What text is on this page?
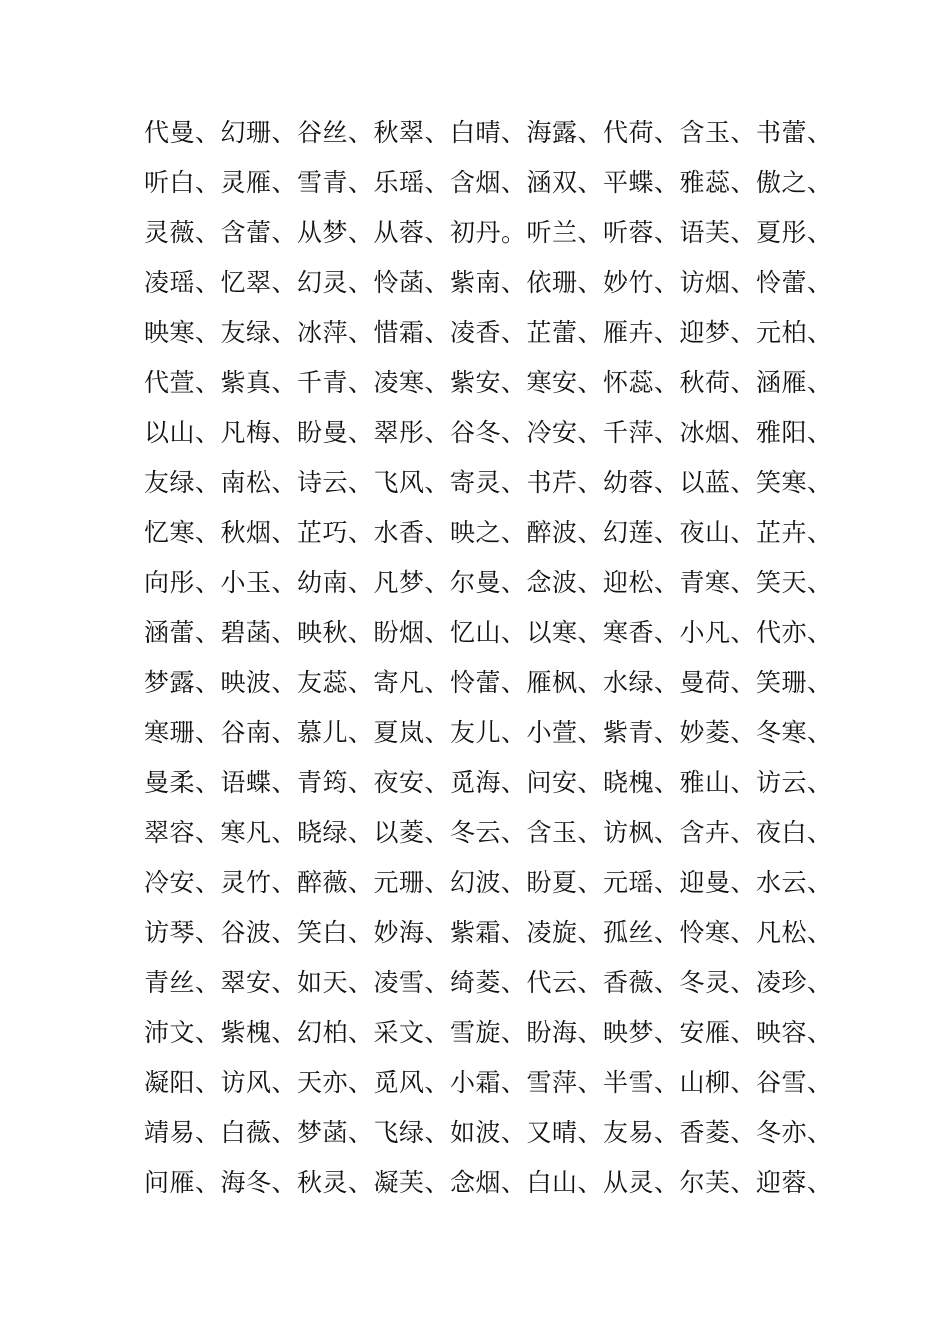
代曼、幻珊、谷丝、秋翠、白晴、海露、代荷、含玉、书蕾、
听白、灵雁、雪青、乐瑶、含烟、涵双、平蝶、雅蕊、傲之、
灵薇、含蕾、从梦、从蓉、初丹。听兰、听蓉、语芙、夏彤、
凌瑶、忆翠、幻灵、怜菡、紫南、依珊、妙竹、访烟、怜蕾、
映寒、友绿、冰萍、惜霜、凌香、芷蕾、雁卉、迎梦、元柏、
代萱、紫真、千青、凌寒、紫安、寒安、怀蕊、秋荷、涵雁、
以山、凡梅、盼曼、翠彤、谷冬、冷安、千萍、冰烟、雅阳、
友绿、南松、诗云、飞风、寄灵、书芹、幼蓉、以蓝、笑寒、
忆寒、秋烟、芷巧、水香、映之、醉波、幻莲、夜山、芷卉、
向彤、小玉、幼南、凡梦、尔曼、念波、迎松、青寒、笑天、
涵蕾、碧菡、映秋、盼烟、忆山、以寒、寒香、小凡、代亦、
梦露、映波、友蕊、寄凡、怜蕾、雁枫、水绿、曼荷、笑珊、
寒珊、谷南、慕儿、夏岚、友儿、小萱、紫青、妙菱、冬寒、
曼柔、语蝶、青筠、夜安、觅海、问安、晓槐、雅山、访云、
翠容、寒凡、晓绿、以菱、冬云、含玉、访枫、含卉、夜白、
冷安、灵竹、醉薇、元珊、幻波、盼夏、元瑶、迎曼、水云、
访琴、谷波、笑白、妙海、紫霜、凌旋、孤丝、怜寒、凡松、
青丝、翠安、如天、凌雪、绮菱、代云、香薇、冬灵、凌珍、
沛文、紫槐、幻柏、采文、雪旋、盼海、映梦、安雁、映容、
凝阳、访风、天亦、觅风、小霜、雪萍、半雪、山柳、谷雪、
靖易、白薇、梦菡、飞绿、如波、又晴、友易、香菱、冬亦、
问雁、海冬、秋灵、凝芙、念烟、白山、从灵、尔芙、迎蓉、
